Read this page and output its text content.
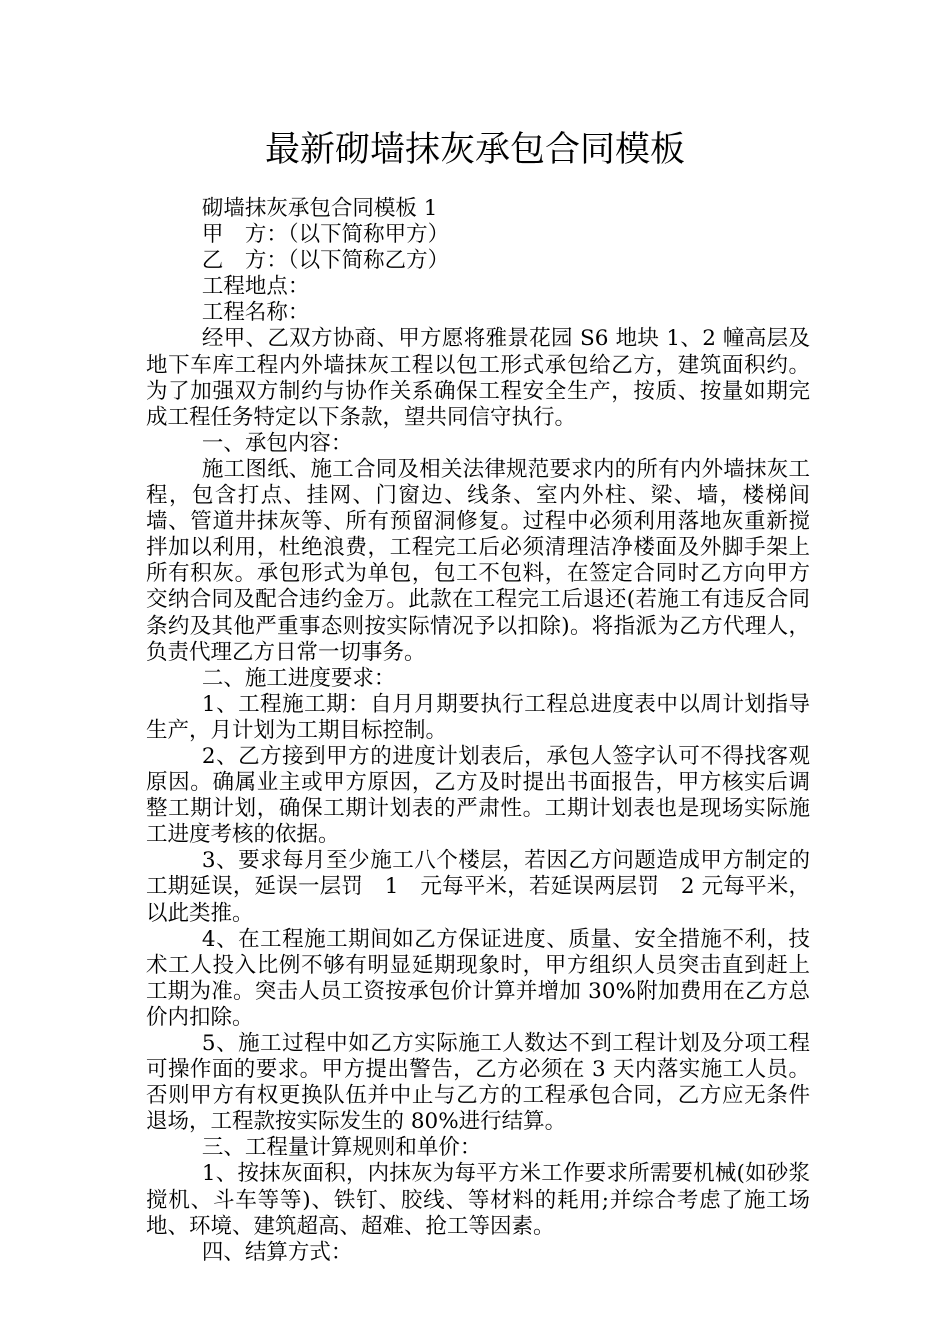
最新砌墙抹灰承包合同模板

砌墙抹灰承包合同模板 1

甲　方：（以下简称甲方）

乙　方：（以下简称乙方）

工程地点：

工程名称：

经甲、乙双方协商、甲方愿将雅景花园 S6 地块 1、2 幢高层及地下车库工程内外墙抹灰工程以包工形式承包给乙方，建筑面积约。为了加强双方制约与协作关系确保工程安全生产，按质、按量如期完成工程任务特定以下条款，望共同信守执行。

一、承包内容：

施工图纸、施工合同及相关法律规范要求内的所有内外墙抹灰工程，包含打点、挂网、门窗边、线条、室内外柱、梁、墙，楼梯间墙、管道井抹灰等、所有预留洞修复。过程中必须利用落地灰重新搅拌加以利用，杜绝浪费，工程完工后必须清理洁净楼面及外脚手架上所有积灰。承包形式为单包，包工不包料，在签定合同时乙方向甲方交纳合同及配合违约金万。此款在工程完工后退还(若施工有违反合同条约及其他严重事态则按实际情况予以扣除)。将指派为乙方代理人，负责代理乙方日常一切事务。

二、施工进度要求：

1、工程施工期：自月月期要执行工程总进度表中以周计划指导生产，月计划为工期目标控制。

2、乙方接到甲方的进度计划表后，承包人签字认可不得找客观原因。确属业主或甲方原因，乙方及时提出书面报告，甲方核实后调整工期计划，确保工期计划表的严肃性。工期计划表也是现场实际施工进度考核的依据。

3、要求每月至少施工八个楼层，若因乙方问题造成甲方制定的工期延误，延误一层罚　1　元每平米，若延误两层罚　2 元每平米，以此类推。

4、在工程施工期间如乙方保证进度、质量、安全措施不利，技术工人投入比例不够有明显延期现象时，甲方组织人员突击直到赶上工期为准。突击人员工资按承包价计算并增加 30%附加费用在乙方总价内扣除。

5、施工过程中如乙方实际施工人数达不到工程计划及分项工程可操作面的要求。甲方提出警告，乙方必须在 3 天内落实施工人员。否则甲方有权更换队伍并中止与乙方的工程承包合同，乙方应无条件退场，工程款按实际发生的 80%进行结算。

三、工程量计算规则和单价：

1、按抹灰面积，内抹灰为每平方米工作要求所需要机械(如砂浆搅机、斗车等等)、铁钉、胶线、等材料的耗用;并综合考虑了施工场地、环境、建筑超高、超难、抢工等因素。

四、结算方式：
